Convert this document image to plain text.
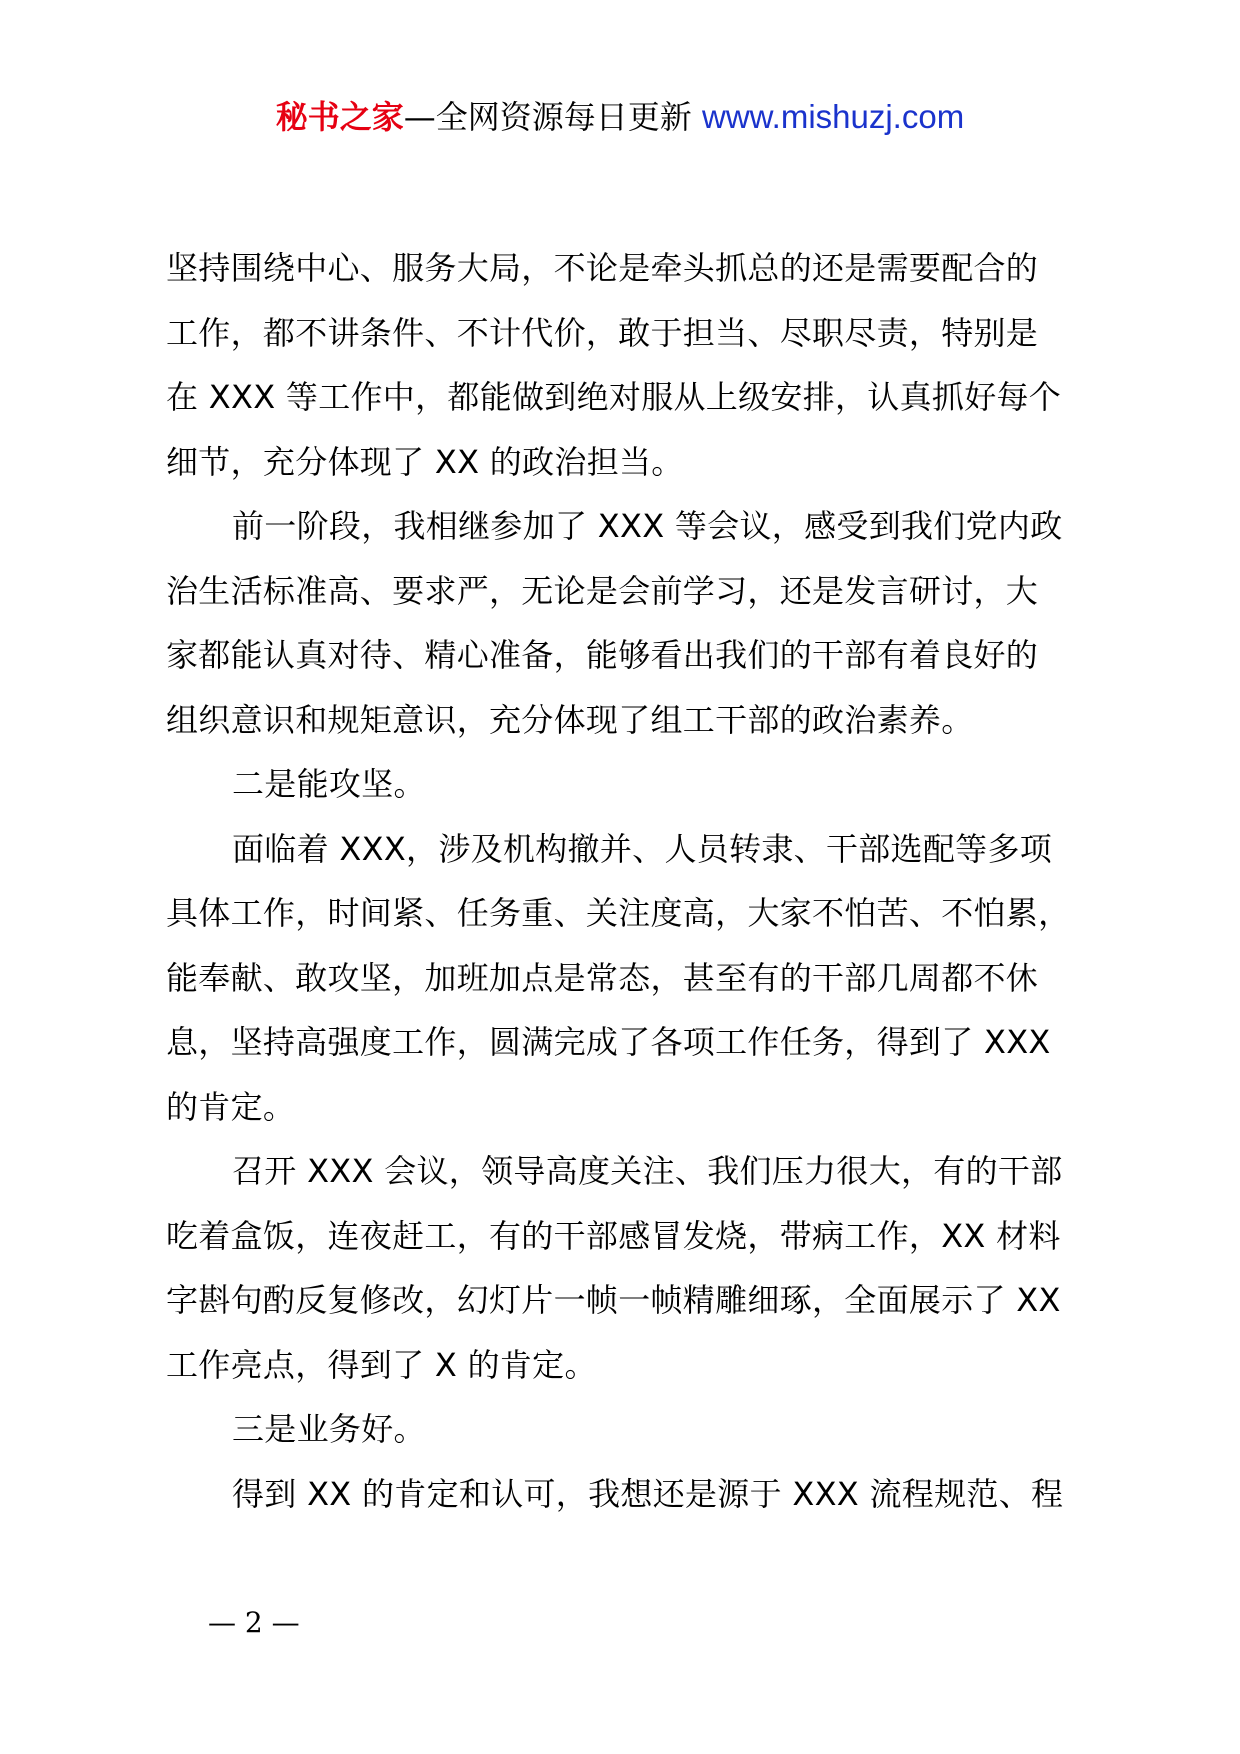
秘书之家—全网资源每日更新 www.mishuzj.com
坚持围绕中心、服务大局，不论是牵头抓总的还是需要配合的
工作，都不讲条件、不计代价，敢于担当、尽职尽责，特别是
在 XXX 等工作中，都能做到绝对服从上级安排，认真抓好每个
细节，充分体现了 XX 的政治担当。
前一阶段，我相继参加了 XXX 等会议，感受到我们党内政
治生活标准高、要求严，无论是会前学习，还是发言研讨，大
家都能认真对待、精心准备，能够看出我们的干部有着良好的
组织意识和规矩意识，充分体现了组工干部的政治素养。
二是能攻坚。
面临着 XXX，涉及机构撤并、人员转隶、干部选配等多项
具体工作，时间紧、任务重、关注度高，大家不怕苦、不怕累，
能奉献、敢攻坚，加班加点是常态，甚至有的干部几周都不休
息，坚持高强度工作，圆满完成了各项工作任务，得到了 XXX
的肯定。
召开 XXX 会议，领导高度关注、我们压力很大，有的干部
吃着盒饭，连夜赶工，有的干部感冒发烧，带病工作，XX 材料
字斟句酌反复修改，幻灯片一帧一帧精雕细琢，全面展示了 XX
工作亮点，得到了 X 的肯定。
三是业务好。
得到 XX 的肯定和认可，我想还是源于 XXX 流程规范、程
— 2 —
